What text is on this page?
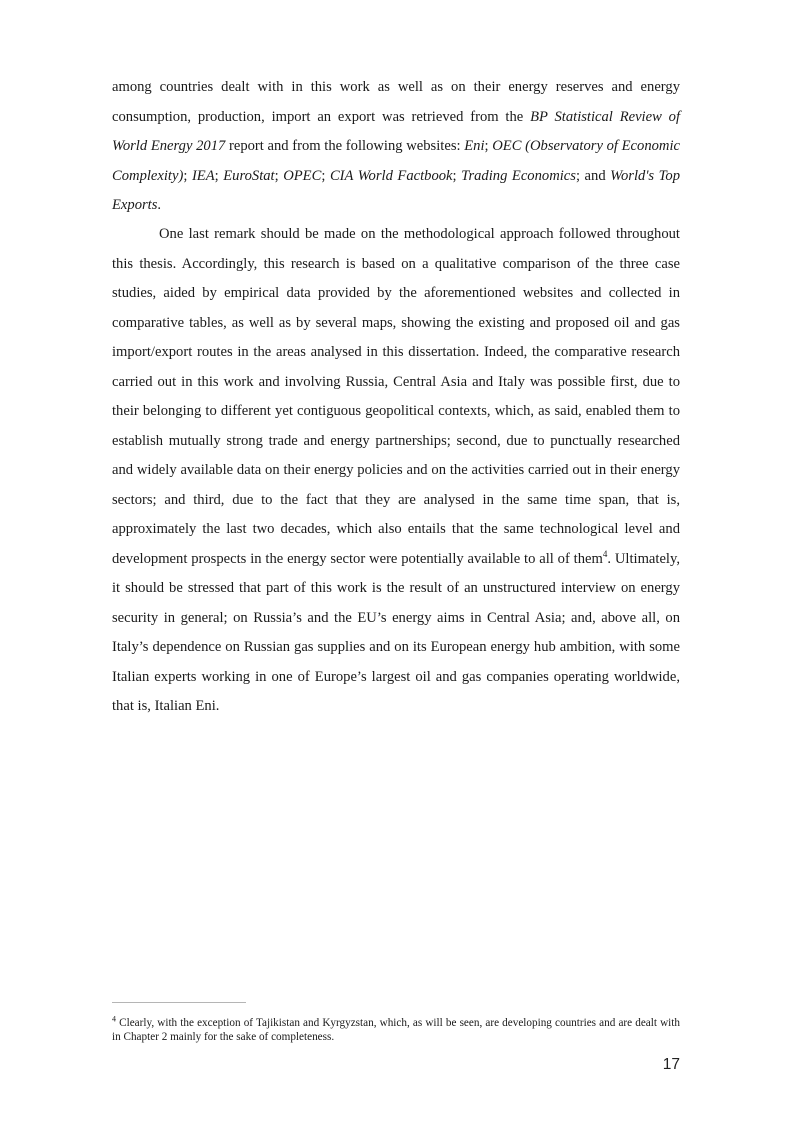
among countries dealt with in this work as well as on their energy reserves and energy consumption, production, import an export was retrieved from the BP Statistical Review of World Energy 2017 report and from the following websites: Eni; OEC (Observatory of Economic Complexity); IEA; EuroStat; OPEC; CIA World Factbook; Trading Economics; and World's Top Exports.
One last remark should be made on the methodological approach followed throughout this thesis. Accordingly, this research is based on a qualitative comparison of the three case studies, aided by empirical data provided by the aforementioned websites and collected in comparative tables, as well as by several maps, showing the existing and proposed oil and gas import/export routes in the areas analysed in this dissertation. Indeed, the comparative research carried out in this work and involving Russia, Central Asia and Italy was possible first, due to their belonging to different yet contiguous geopolitical contexts, which, as said, enabled them to establish mutually strong trade and energy partnerships; second, due to punctually researched and widely available data on their energy policies and on the activities carried out in their energy sectors; and third, due to the fact that they are analysed in the same time span, that is, approximately the last two decades, which also entails that the same technological level and development prospects in the energy sector were potentially available to all of them$^4$. Ultimately, it should be stressed that part of this work is the result of an unstructured interview on energy security in general; on Russia’s and the EU’s energy aims in Central Asia; and, above all, on Italy’s dependence on Russian gas supplies and on its European energy hub ambition, with some Italian experts working in one of Europe’s largest oil and gas companies operating worldwide, that is, Italian Eni.
$^4$ Clearly, with the exception of Tajikistan and Kyrgyzstan, which, as will be seen, are developing countries and are dealt with in Chapter 2 mainly for the sake of completeness.
17
